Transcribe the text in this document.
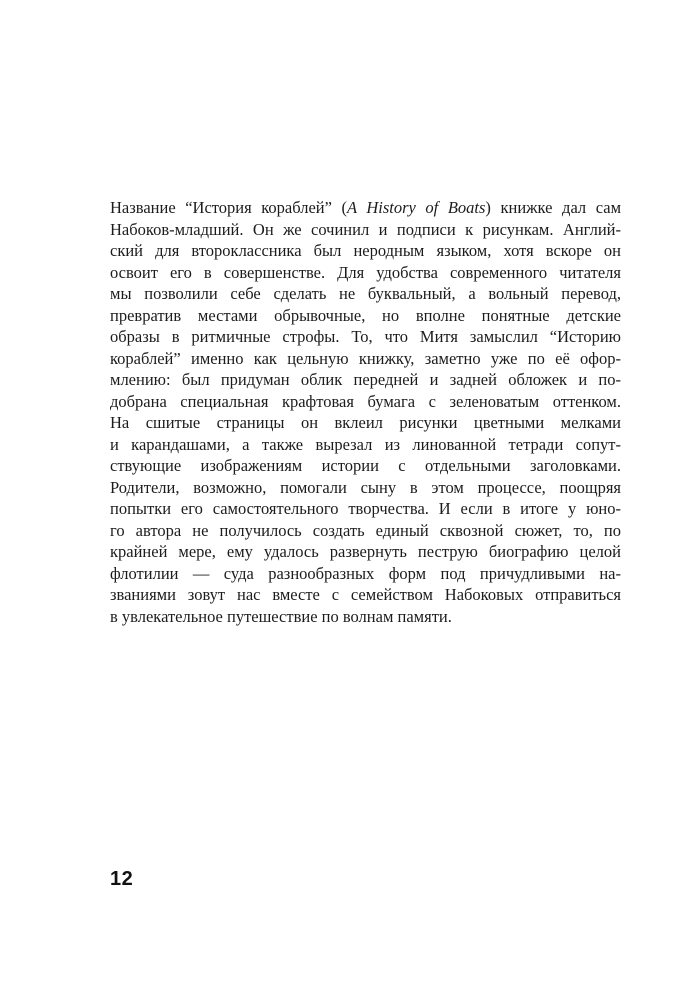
Название “История кораблей” (A History of Boats) книжке дал сам
Набоков-младший. Он же сочинил и подписи к рисункам. Англий-
ский для второклассника был неродным языком, хотя вскоре он
освоит его в совершенстве. Для удобства современного читателя
мы позволили себе сделать не буквальный, а вольный перевод,
превратив местами обрывочные, но вполне понятные детские
образы в ритмичные строфы. То, что Митя замыслил “Историю
кораблей” именно как цельную книжку, заметно уже по её офор-
млению: был придуман облик передней и задней обложек и по-
добрана специальная крафтовая бумага с зеленоватым оттенком.
На сшитые страницы он вклеил рисунки цветными мелками
и карандашами, а также вырезал из линованной тетради сопут-
ствующие изображениям истории с отдельными заголовками.
Родители, возможно, помогали сыну в этом процессе, поощряя
попытки его самостоятельного творчества. И если в итоге у юно-
го автора не получилось создать единый сквозной сюжет, то, по
крайней мере, ему удалось развернуть пеструю биографию целой
флотилии — суда разнообразных форм под причудливыми на-
званиями зовут нас вместе с семейством Набоковых отправиться
в увлекательное путешествие по волнам памяти.
12
